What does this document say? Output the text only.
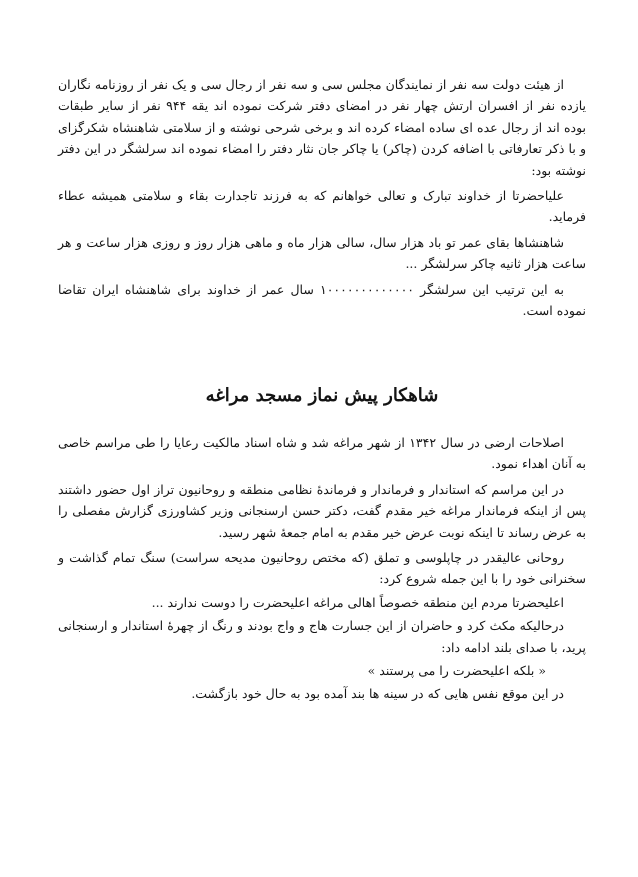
از هیئت دولت سه نفر از نمایندگان مجلس سی و سه نفر از رجال سی و یک نفر از روزنامه نگاران یازده نفر از افسران ارتش چهار نفر در امضای دفتر شرکت نموده اند یقه ۹۴۴ نفر از سایر طبقات بوده اند از رجال عده ای ساده امضاء کرده اند و برخی شرحی نوشته و از سلامتی شاهنشاه شکرگزای و با ذکر تعارفاتی با اضافه کردن (چاکر) یا چاکر جان نثار دفتر را امضاء نموده اند سرلشگر در این دفتر نوشته بود:

علیاحضرتا از خداوند تبارک و تعالی خواهانم که به فرزند تاجدارت بقاء و سلامتی همیشه عطاء فرماید.

شاهنشاها بقای عمر تو باد هزار سال، سالی هزار ماه و ماهی هزار روز و روزی هزار ساعت و هر ساعت هزار ثانیه چاکر سرلشگر ...

به این ترتیب این سرلشگر ۱۰۰۰۰۰۰۰۰۰۰۰۰۰ سال عمر از خداوند برای شاهنشاه ایران تقاضا نموده است.

شاهکار پیش نماز مسجد مراغه

اصلاحات ارضی در سال ۱۳۴۲ از شهر مراغه شد و شاه اسناد مالکیت رعایا را طی مراسم خاصی به آنان اهداء نمود.

در این مراسم که استاندار و فرماندار و فرماندهٔ نظامی منطقه و روحانیون تراز اول حضور داشتند پس از اینکه فرماندار مراغه خیر مقدم گفت، دکتر حسن ارسنجانی وزیر کشاورزی گزارش مفصلی را به عرض رساند تا اینکه نوبت عرض خیر مقدم به امام جمعهٔ شهر رسید.

روحانی عالیقدر در چاپلوسی و تملق (که مختص روحانیون مدیحه سراست) سنگ تمام گذاشت و سخنرانی خود را با این جمله شروع کرد:

اعلیحضرتا مردم این منطقه خصوصاً اهالی مراغه اعلیحضرت را دوست ندارند ...

درحالیکه مکث کرد و حاضران از این جسارت هاج و واج بودند و رنگ از چهرهٔ استاندار و ارسنجانی پرید، با صدای بلند ادامه داد:

« بلکه اعلیحضرت را می پرستند »

در این موقع نفس هایی که در سینه ها بند آمده بود به حال خود بازگشت.
